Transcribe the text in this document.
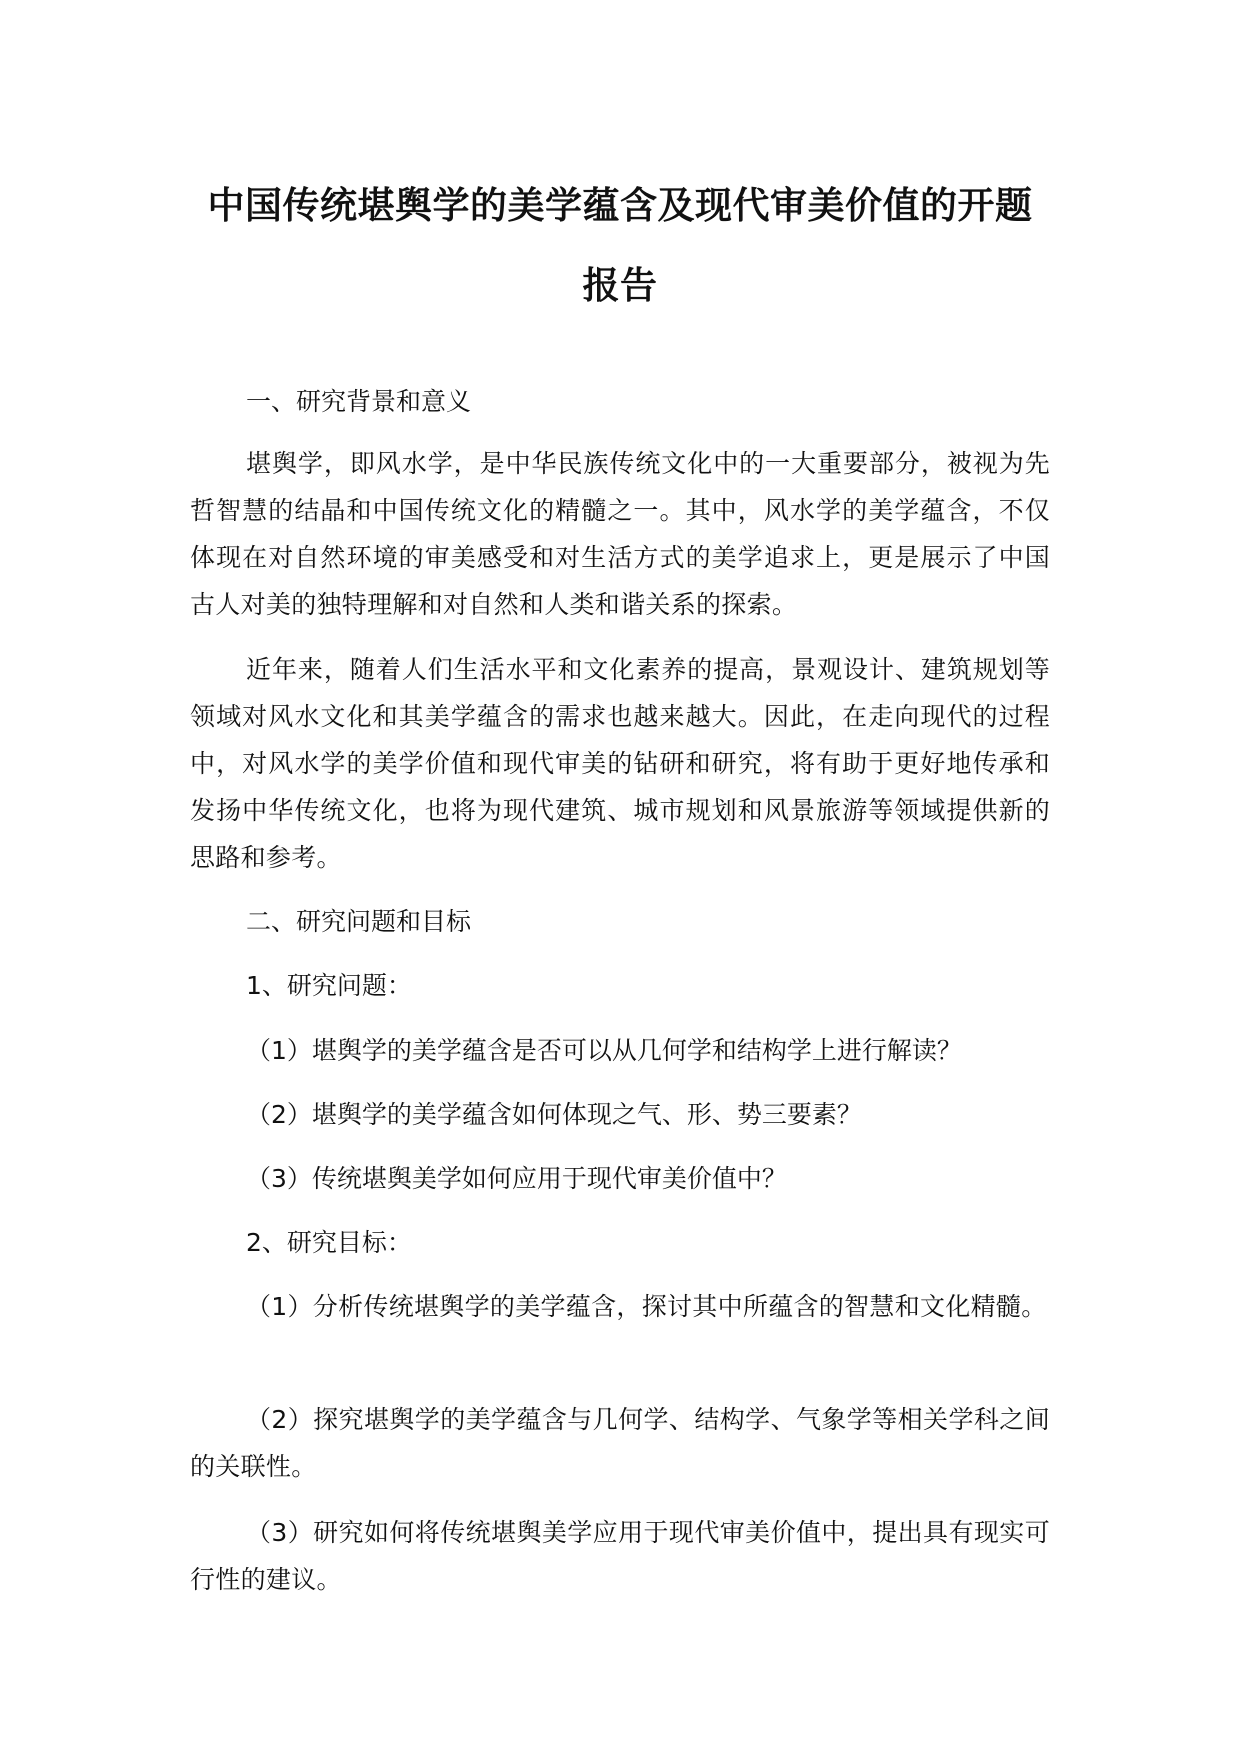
中国传统堪舆学的美学蕴含及现代审美价值的开题
报告

一、研究背景和意义

堪舆学，即风水学，是中华民族传统文化中的一大重要部分，被视为先哲智慧的结晶和中国传统文化的精髓之一。其中，风水学的美学蕴含，不仅体现在对自然环境的审美感受和对生活方式的美学追求上，更是展示了中国古人对美的独特理解和对自然和人类和谐关系的探索。

近年来，随着人们生活水平和文化素养的提高，景观设计、建筑规划等领域对风水文化和其美学蕴含的需求也越来越大。因此，在走向现代的过程中，对风水学的美学价值和现代审美的钻研和研究，将有助于更好地传承和发扬中华传统文化，也将为现代建筑、城市规划和风景旅游等领域提供新的思路和参考。

二、研究问题和目标

1、研究问题：

（1）堪舆学的美学蕴含是否可以从几何学和结构学上进行解读？

（2）堪舆学的美学蕴含如何体现之气、形、势三要素？

（3）传统堪舆美学如何应用于现代审美价值中？

2、研究目标：

（1）分析传统堪舆学的美学蕴含，探讨其中所蕴含的智慧和文化精髓。

（2）探究堪舆学的美学蕴含与几何学、结构学、气象学等相关学科之间的关联性。

（3）研究如何将传统堪舆美学应用于现代审美价值中，提出具有现实可行性的建议。
